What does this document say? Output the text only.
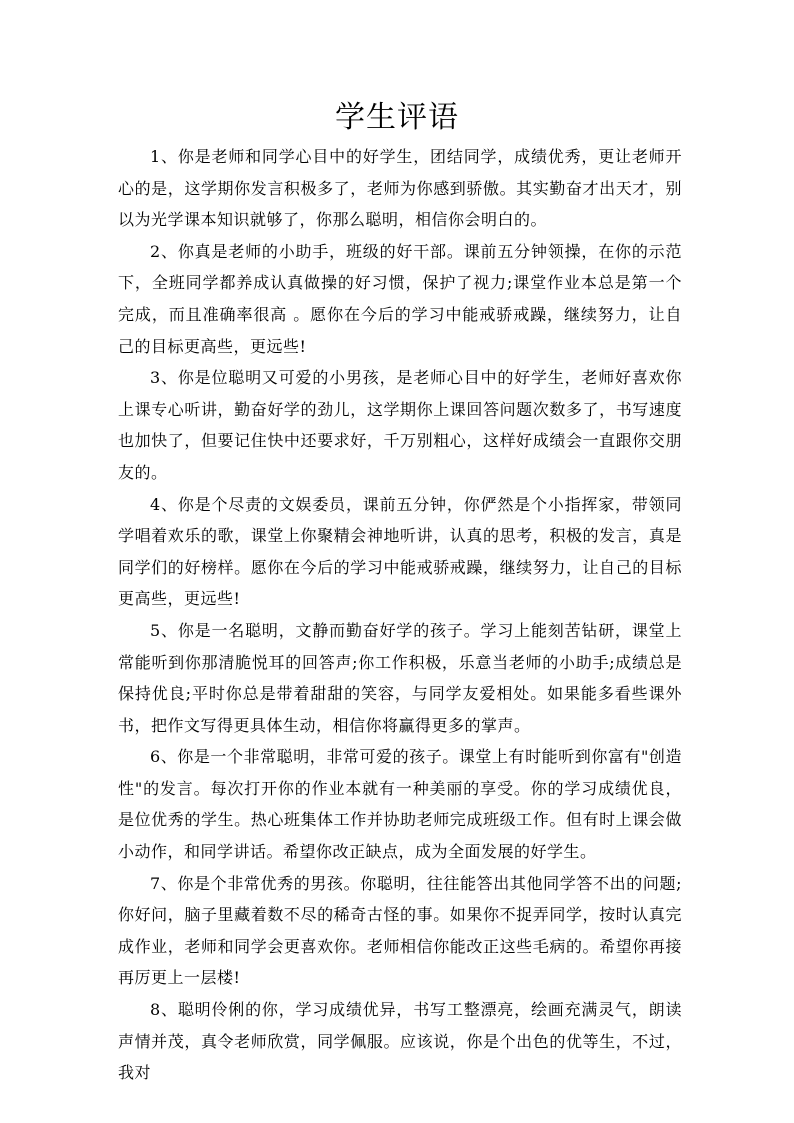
学生评语

1、你是老师和同学心目中的好学生，团结同学，成绩优秀，更让老师开心的是，这学期你发言积极多了，老师为你感到骄傲。其实勤奋才出天才，别以为光学课本知识就够了，你那么聪明，相信你会明白的。

2、你真是老师的小助手，班级的好干部。课前五分钟领操，在你的示范下，全班同学都养成认真做操的好习惯，保护了视力;课堂作业本总是第一个完成，而且准确率很高 。愿你在今后的学习中能戒骄戒躁，继续努力，让自己的目标更高些，更远些!

3、你是位聪明又可爱的小男孩，是老师心目中的好学生，老师好喜欢你上课专心听讲，勤奋好学的劲儿，这学期你上课回答问题次数多了，书写速度也加快了，但要记住快中还要求好，千万别粗心，这样好成绩会一直跟你交朋友的。

4、你是个尽责的文娱委员，课前五分钟，你俨然是个小指挥家，带领同学唱着欢乐的歌，课堂上你聚精会神地听讲，认真的思考，积极的发言，真是同学们的好榜样。愿你在今后的学习中能戒骄戒躁，继续努力，让自己的目标更高些，更远些!

5、你是一名聪明，文静而勤奋好学的孩子。学习上能刻苦钻研，课堂上常能听到你那清脆悦耳的回答声;你工作积极，乐意当老师的小助手;成绩总是保持优良;平时你总是带着甜甜的笑容，与同学友爱相处。如果能多看些课外书，把作文写得更具体生动，相信你将赢得更多的掌声。

6、你是一个非常聪明，非常可爱的孩子。课堂上有时能听到你富有"创造性"的发言。每次打开你的作业本就有一种美丽的享受。你的学习成绩优良，是位优秀的学生。热心班集体工作并协助老师完成班级工作。但有时上课会做小动作，和同学讲话。希望你改正缺点，成为全面发展的好学生。

7、你是个非常优秀的男孩。你聪明，往往能答出其他同学答不出的问题;你好问，脑子里藏着数不尽的稀奇古怪的事。如果你不捉弄同学，按时认真完成作业，老师和同学会更喜欢你。老师相信你能改正这些毛病的。希望你再接再厉更上一层楼!

8、聪明伶俐的你，学习成绩优异，书写工整漂亮，绘画充满灵气，朗读声情并茂，真令老师欣赏，同学佩服。应该说，你是个出色的优等生，不过，我对
